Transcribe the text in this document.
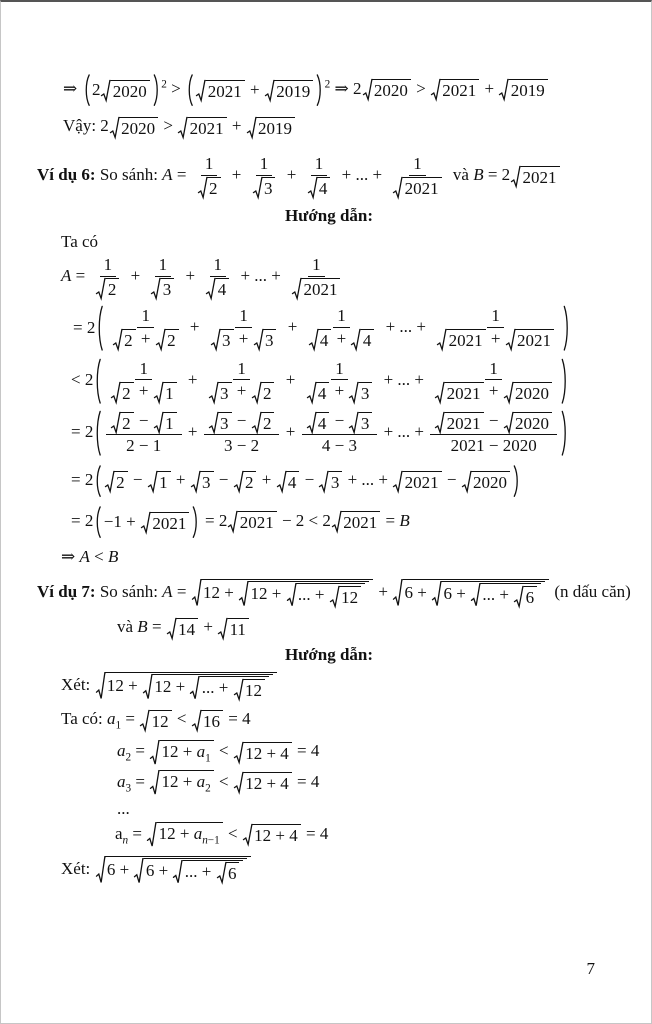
⇒ 2 2020 $^2$ > 2021 + 2019 $^2$ ⇒ 2 2020 > 2021 + 2019
Vậy: 2 2020 > 2021 + 2019
Ví dụ 6: So sánh: $A = \frac{1}{2} + \frac{1}{3} + \frac{1}{4}$ + ... + $\frac{1}{2021}$ và B = 2 2021
Hướng dẫn:
Ta có
$A = \frac{1}{2} + \frac{1}{3} + \frac{1}{4}$ + ... + $\frac{1}{2021}$
= $2 \frac{1}{2 + 2} + \frac{1}{3 + 3} + \frac{1}{4 + 4}$ + ... + $\frac{1}{2021 + 2021}$
< $2 \frac{1}{2 + 1} + \frac{1}{3 + 2} + \frac{1}{4 + 3}$ + ... + $\frac{1}{2021 + 2020}$
= $2 \frac{2 - 1}{2 - 1} + \frac{3 - 2}{3 - 2} + \frac{4 - 3}{4 - 3}$ + ... + $\frac{2021 - 2020}{2021 - 2020}$
= 2 2 − 1 + 3 − 2 + 4 − 3 + ... + 2021 − 2020
= 2 −1 + 2021 = 2 2021 − 2 < 2 2021 = B
⇒ A < B
Ví dụ 7: So sánh: A = 12 + 12 + ... + 12 + 6 + 6 + ... + 6 (n dấu căn)
và B = 14 + 11
Hướng dẫn:
Xét: 12 + 12 + ... + 12
Ta có: $a_1 = 12 < 16 = 4$
$a_2 = 12 + a_1 < 12 + 4 = 4$
$a_3 = 12 + a_2 < 12 + 4 = 4$
...
$a_n = 12 + a_{n-1} < 12 + 4 = 4$
Xét: 6 + 6 + ... + 6
7
